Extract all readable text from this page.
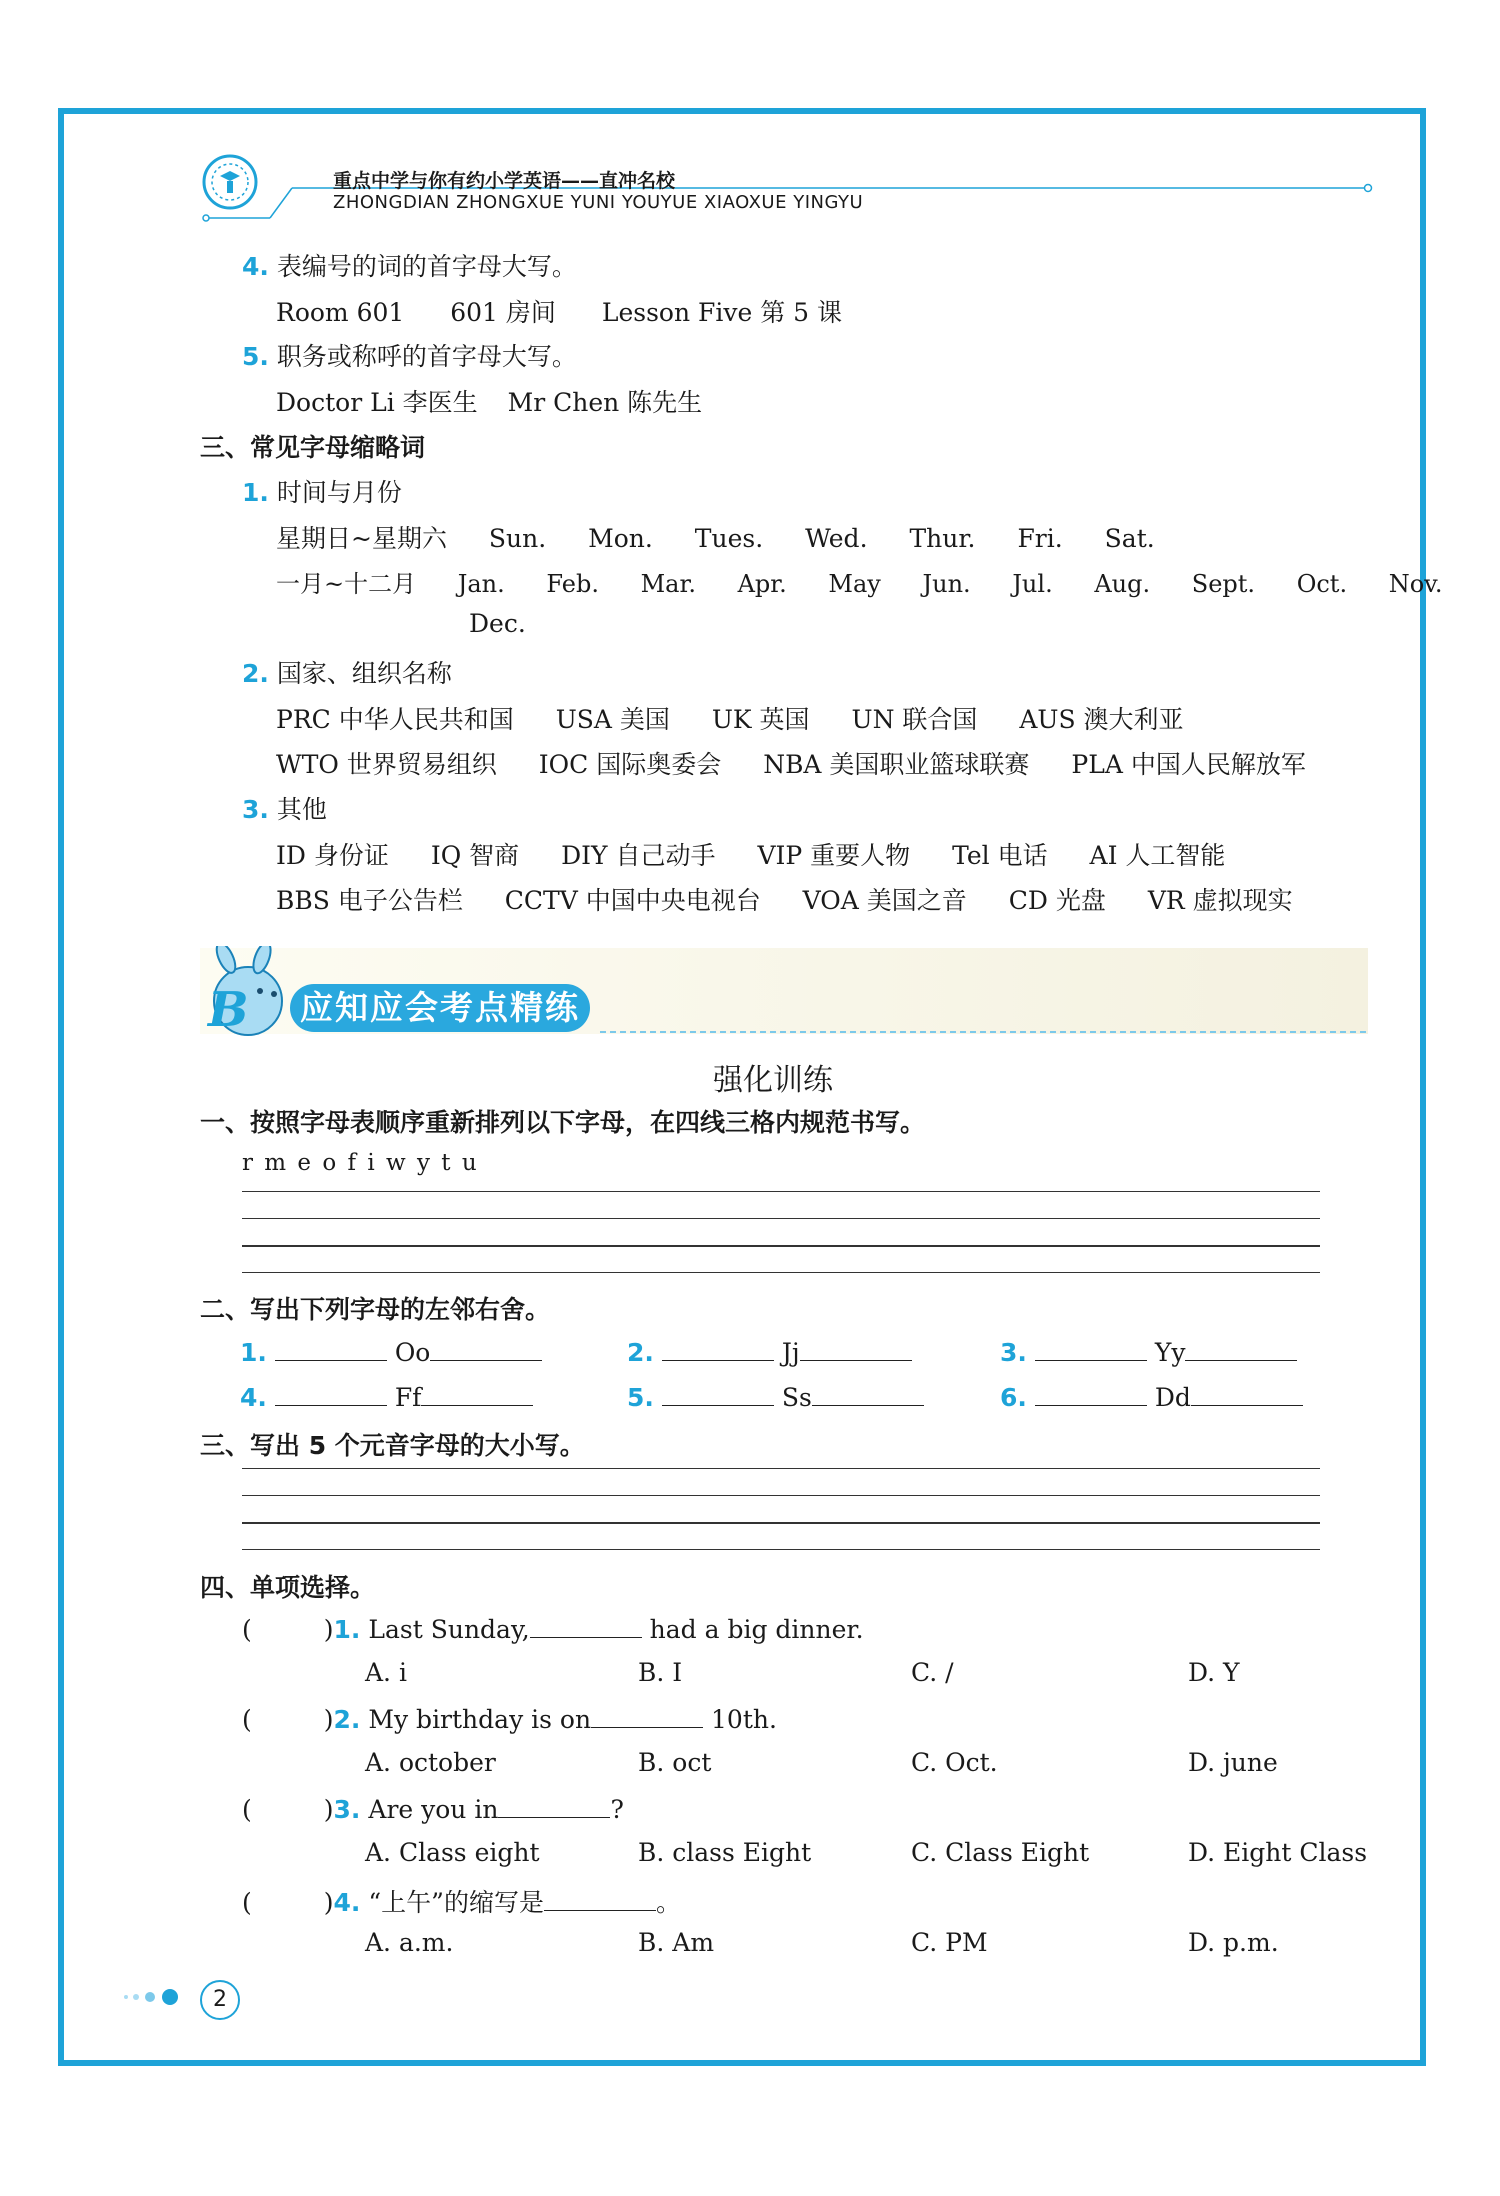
重点中学与你有约小学英语——直冲名校
ZHONGDIAN ZHONGXUE YUNI YOUYUE XIAOXUE YINGYU
4. 表编号的词的首字母大写。
Room 601 601 房间 Lesson Five 第 5 课
5. 职务或称呼的首字母大写。
Doctor Li 李医生 Mr Chen 陈先生
三、常见字母缩略词
1. 时间与月份
星期日~星期六 Sun. Mon. Tues. Wed. Thur. Fri. Sat.
一月~十二月 Jan. Feb. Mar. Apr. May Jun. Jul. Aug. Sept. Oct. Nov.
Dec.
2. 国家、组织名称
PRC 中华人民共和国 USA 美国 UK 英国 UN 联合国 AUS 澳大利亚
WTO 世界贸易组织 IOC 国际奥委会 NBA 美国职业篮球联赛 PLA 中国人民解放军
3. 其他
ID 身份证 IQ 智商 DIY 自己动手 VIP 重要人物 Tel 电话 AI 人工智能
BBS 电子公告栏 CCTV 中国中央电视台 VOA 美国之音 CD 光盘 VR 虚拟现实
B	应知应会考点精练
强化训练
一、按照字母表顺序重新排列以下字母，在四线三格内规范书写。
r m e o f i w y t u
二、写出下列字母的左邻右舍。
1.	Oo	2.	Jj	3.	Yy
4.	Ff	5.	Ss	6.	Dd
三、写出 5 个元音字母的大小写。
四、单项选择。
(	)1. Last Sunday,	had a big dinner.
A. i	B. I	C. /	D. Y
(	)2. My birthday is on	10th.
A. october	B. oct	C. Oct.	D. june
(	)3. Are you in	?
A. Class eight	B. class Eight	C. Class Eight	D. Eight Class
(	)4. “上午”的缩写是	。
A. a.m.	B. Am	C. PM	D. p.m.
2
